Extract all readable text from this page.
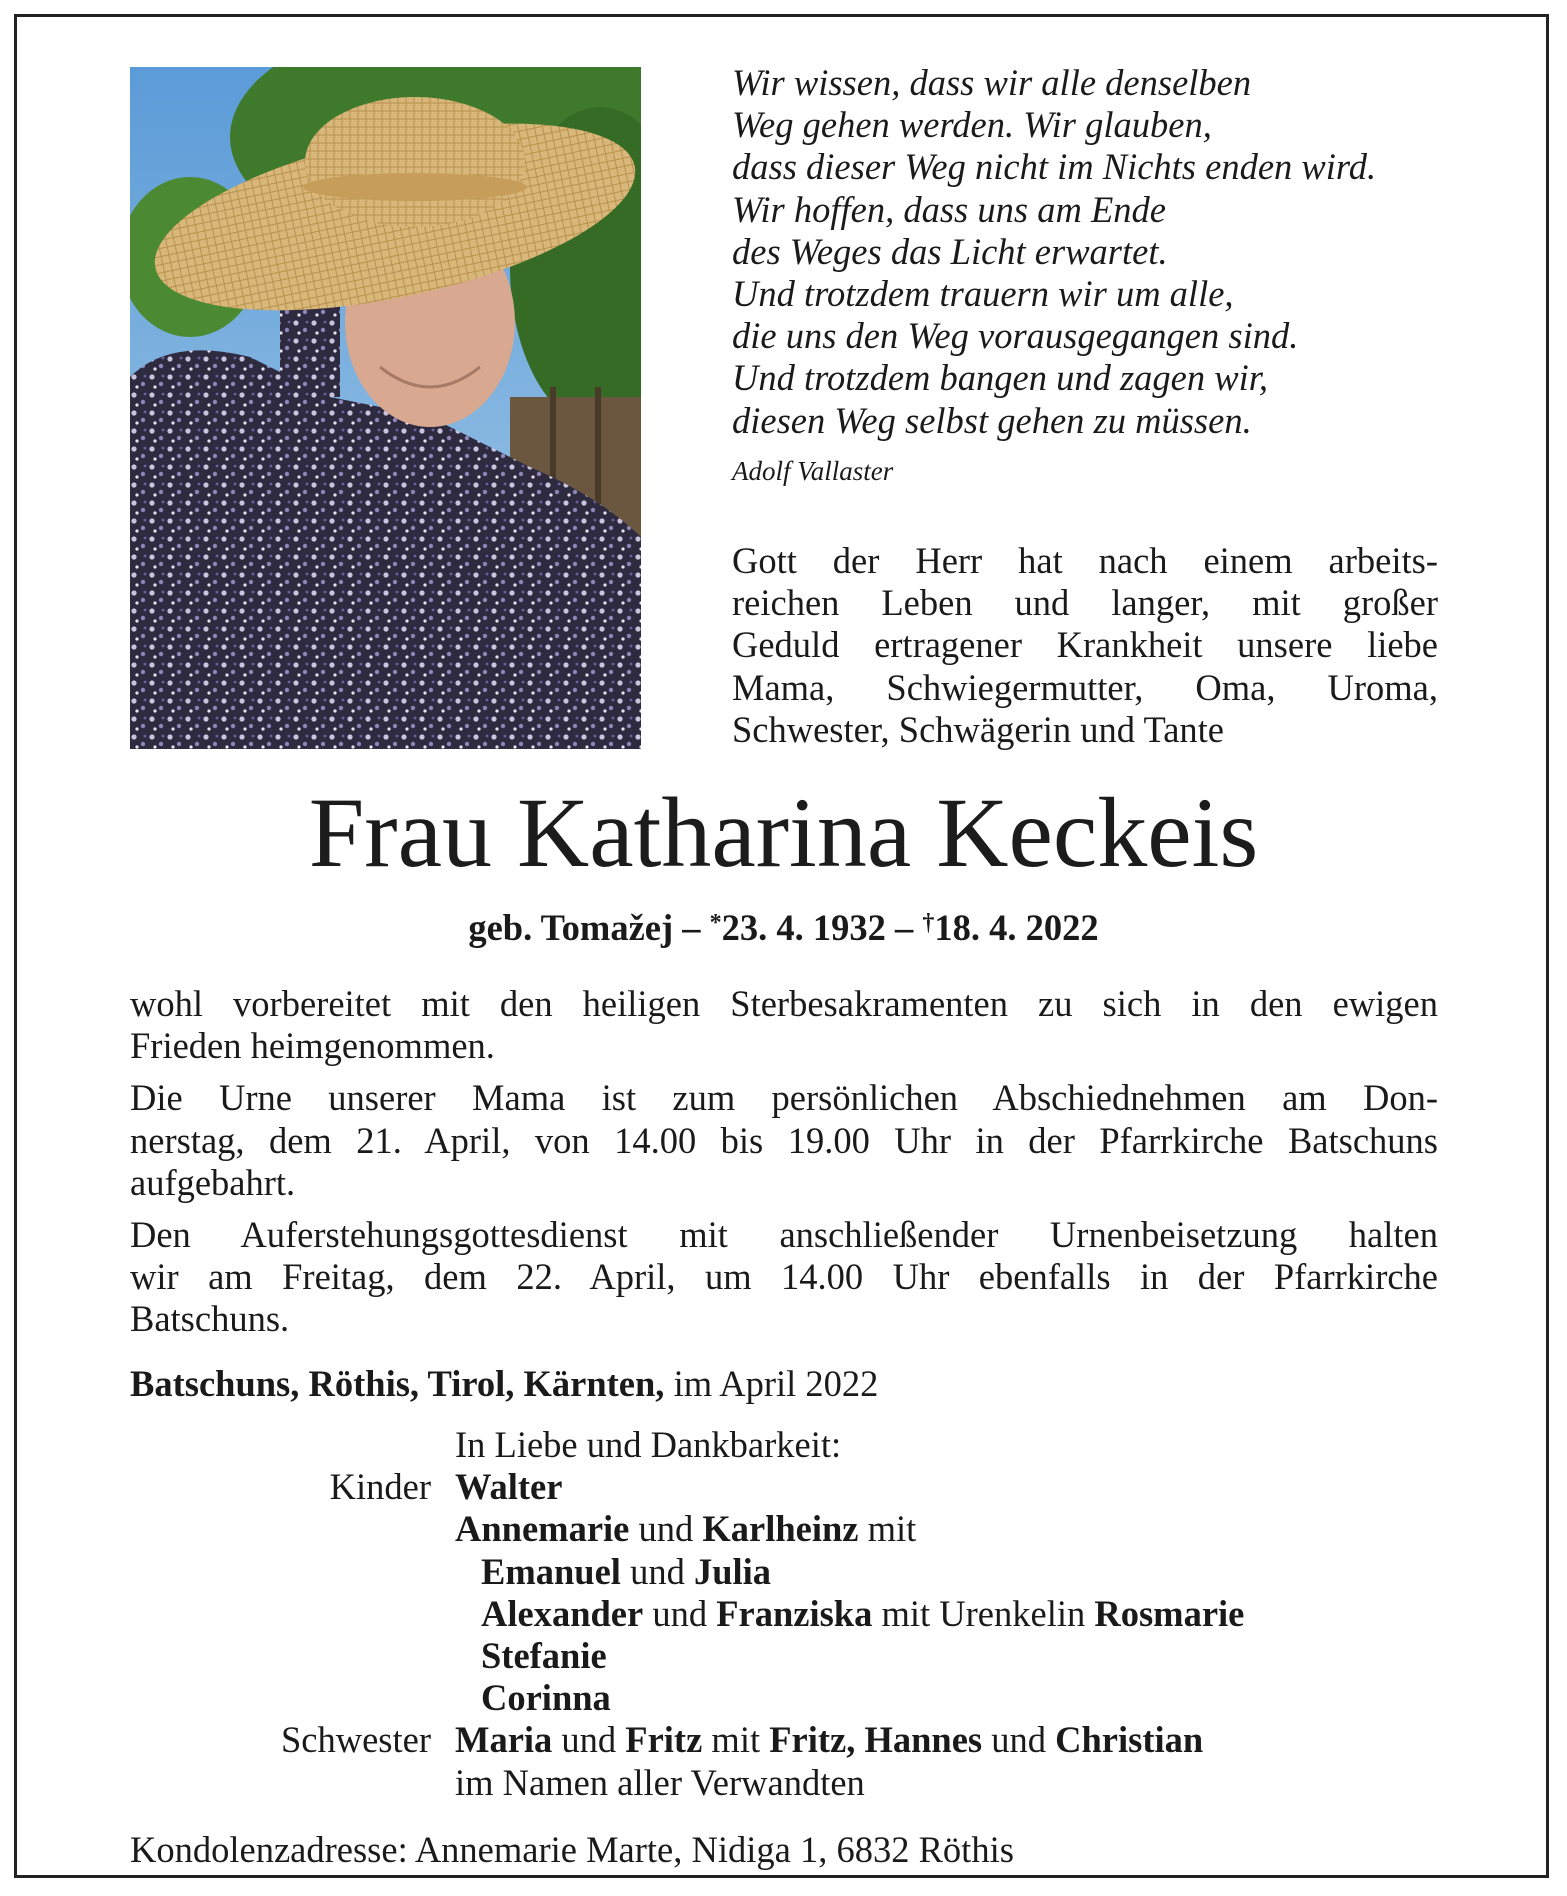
Wir wissen, dass wir alle denselben
Weg gehen werden. Wir glauben,
dass dieser Weg nicht im Nichts enden wird.
Wir hoffen, dass uns am Ende
des Weges das Licht erwartet.
Und trotzdem trauern wir um alle,
die uns den Weg vorausgegangen sind.
Und trotzdem bangen und zagen wir,
diesen Weg selbst gehen zu müssen.
Adolf Vallaster
Gott der Herr hat nach einem arbeits-
reichen Leben und langer, mit großer
Geduld ertragener Krankheit unsere liebe
Mama, Schwiegermutter, Oma, Uroma,
Schwester, Schwägerin und Tante
Frau Katharina Keckeis
geb. Tomažej – *23. 4. 1932 – †18. 4. 2022
wohl vorbereitet mit den heiligen Sterbesakramenten zu sich in den ewigen
Frieden heimgenommen.
Die Urne unserer Mama ist zum persönlichen Abschiednehmen am Don-
nerstag, dem 21. April, von 14.00 bis 19.00 Uhr in der Pfarrkirche Batschuns
aufgebahrt.
Den Auferstehungsgottesdienst mit anschließender Urnenbeisetzung halten
wir am Freitag, dem 22. April, um 14.00 Uhr ebenfalls in der Pfarrkirche
Batschuns.
Batschuns, Röthis, Tirol, Kärnten, im April 2022
In Liebe und Dankbarkeit:
Kinder Walter
Annemarie und Karlheinz mit
Emanuel und Julia
Alexander und Franziska mit Urenkelin Rosmarie
Stefanie
Corinna
Schwester Maria und Fritz mit Fritz, Hannes und Christian
im Namen aller Verwandten
Kondolenzadresse: Annemarie Marte, Nidiga 1, 6832 Röthis
